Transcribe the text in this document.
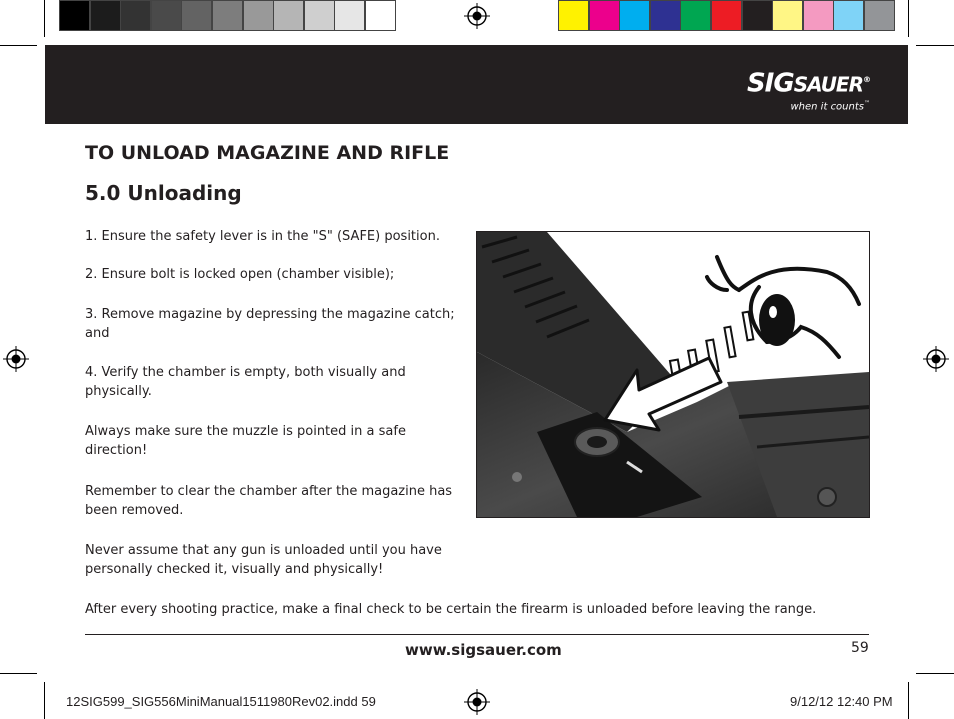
SIGSAUER®
when it counts™
TO UNLOAD MAGAZINE AND RIFLE
5.0 Unloading

1. Ensure the safety lever is in the "S" (SAFE) position.

2. Ensure bolt is locked open (chamber visible);

3. Remove magazine by depressing the magazine catch; and

4. Verify the chamber is empty, both visually and physically.

Always make sure the muzzle is pointed in a safe direction!

Remember to clear the chamber after the magazine has been removed.

Never assume that any gun is unloaded until you have personally checked it, visually and physically!

After every shooting practice, make a final check to be certain the firearm is unloaded before leaving the range.

www.sigsauer.com	59
12SIG599_SIG556MiniManual1511980Rev02.indd 59	9/12/12 12:40 PM
